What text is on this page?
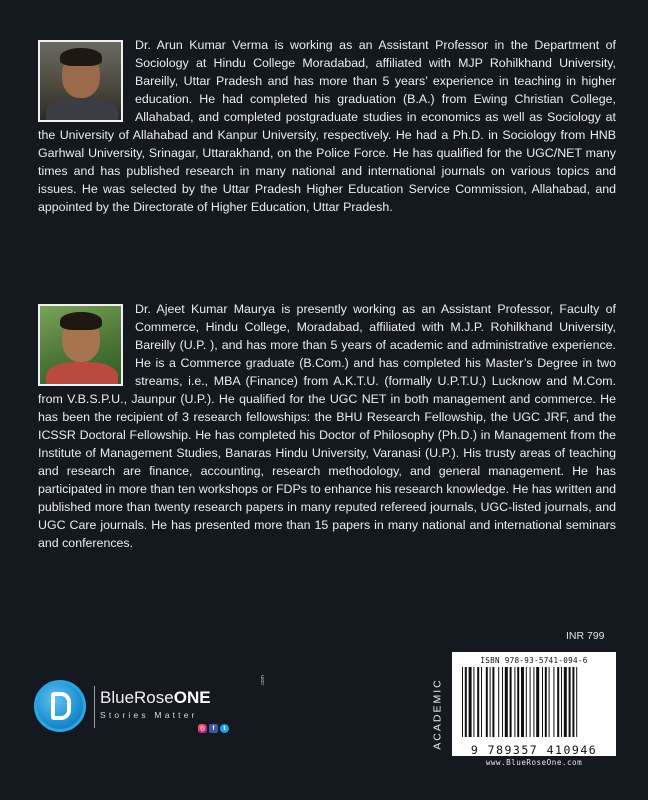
Dr. Arun Kumar Verma is working as an Assistant Professor in the Department of Sociology at Hindu College Moradabad, affiliated with MJP Rohilkhand University, Bareilly, Uttar Pradesh and has more than 5 years’ experience in teaching in higher education. He had completed his graduation (B.A.) from Ewing Christian College, Allahabad, and completed postgraduate studies in economics as well as Sociology at the University of Allahabad and Kanpur University, respectively. He had a Ph.D. in Sociology from HNB Garhwal University, Srinagar, Uttarakhand, on the Police Force. He has qualified for the UGC/NET many times and has published research in many national and international journals on various topics and issues. He was selected by the Uttar Pradesh Higher Education Service Commission, Allahabad, and appointed by the Directorate of Higher Education, Uttar Pradesh.
Dr. Ajeet Kumar Maurya is presently working as an Assistant Professor, Faculty of Commerce, Hindu College, Moradabad, affiliated with M.J.P. Rohilkhand University, Bareilly (U.P. ), and has more than 5 years of academic and administrative experience. He is a Commerce graduate (B.Com.) and has completed his Master’s Degree in two streams, i.e., MBA (Finance) from A.K.T.U. (formally U.P.T.U.) Lucknow and M.Com. from V.B.S.P.U., Jaunpur (U.P.). He qualified for the UGC NET in both management and commerce. He has been the recipient of 3 research fellowships: the BHU Research Fellowship, the UGC JRF, and the ICSSR Doctoral Fellowship. He has completed his Doctor of Philosophy (Ph.D.) in Management from the Institute of Management Studies, Banaras Hindu University, Varanasi (U.P.). His trusty areas of teaching and research are finance, accounting, research methodology, and general management. He has participated in more than ten workshops or FDPs to enhance his research knowledge. He has written and published more than twenty research papers in many reputed refereed journals, UGC-listed journals, and UGC Care journals. He has presented more than 15 papers in many national and international seminars and conferences.
INR 799
ACADEMIC
ISBN 978-93-5741-094-6
9 789357 410946
www.BlueRoseOne.com
BlueRoseONE
.com
Stories Matter
◎	f	t
